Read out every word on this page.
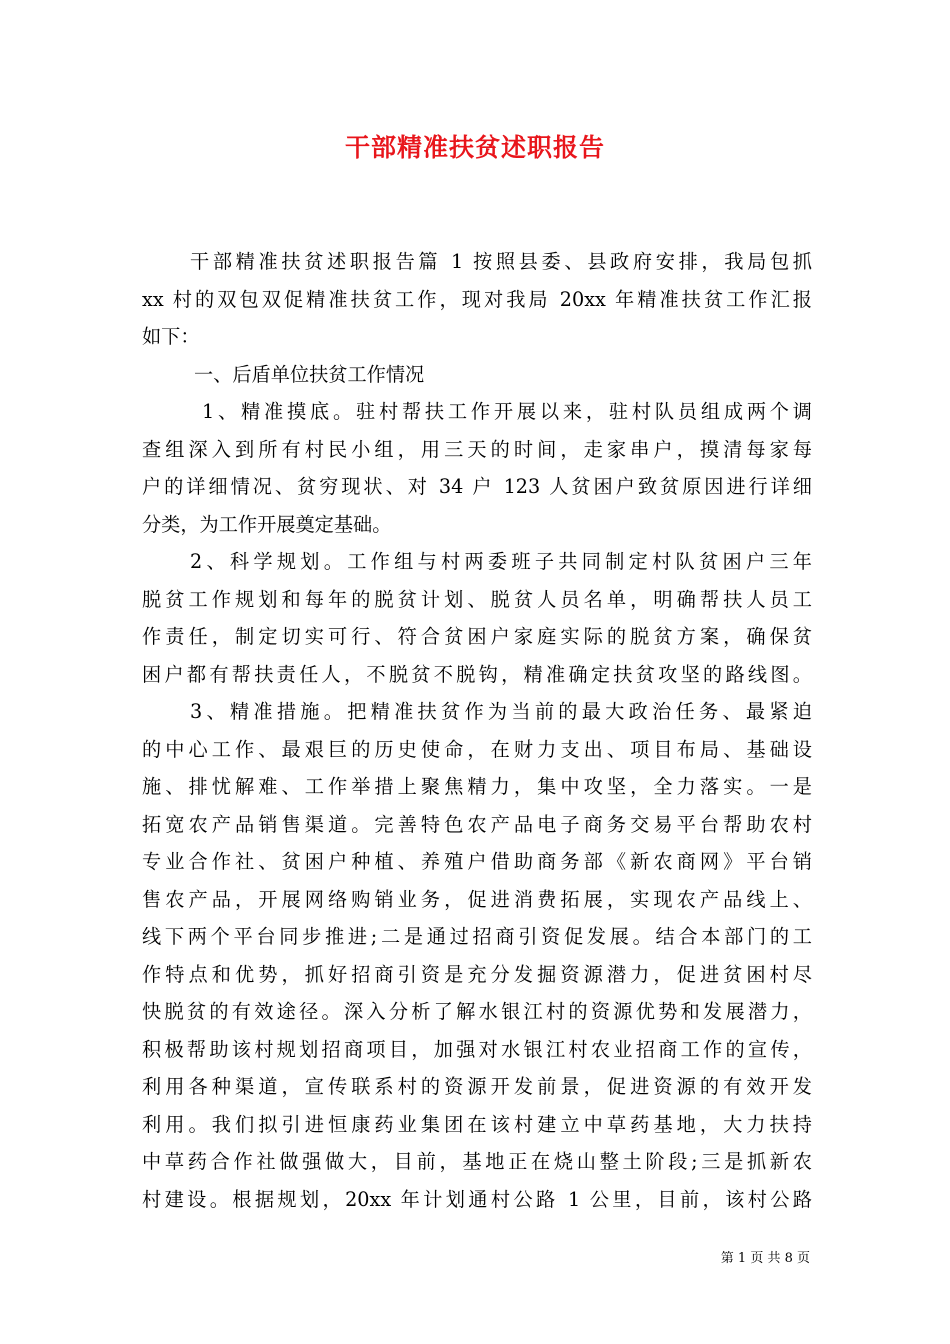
干部精准扶贫述职报告
干部精准扶贫述职报告篇 1 按照县委、县政府安排，我局包抓
xx 村的双包双促精准扶贫工作，现对我局 20xx 年精准扶贫工作汇报
如下：
一、后盾单位扶贫工作情况
1、精准摸底。驻村帮扶工作开展以来，驻村队员组成两个调
查组深入到所有村民小组，用三天的时间，走家串户，摸清每家每
户的详细情况、贫穷现状、对 34 户 123 人贫困户致贫原因进行详细
分类，为工作开展奠定基础。
2、科学规划。工作组与村两委班子共同制定村队贫困户三年
脱贫工作规划和每年的脱贫计划、脱贫人员名单，明确帮扶人员工
作责任，制定切实可行、符合贫困户家庭实际的脱贫方案，确保贫
困户都有帮扶责任人，不脱贫不脱钩，精准确定扶贫攻坚的路线图。
3、精准措施。把精准扶贫作为当前的最大政治任务、最紧迫
的中心工作、最艰巨的历史使命，在财力支出、项目布局、基础设
施、排忧解难、工作举措上聚焦精力，集中攻坚，全力落实。一是
拓宽农产品销售渠道。完善特色农产品电子商务交易平台帮助农村
专业合作社、贫困户种植、养殖户借助商务部《新农商网》平台销
售农产品，开展网络购销业务，促进消费拓展，实现农产品线上、
线下两个平台同步推进;二是通过招商引资促发展。结合本部门的工
作特点和优势，抓好招商引资是充分发掘资源潜力，促进贫困村尽
快脱贫的有效途径。深入分析了解水银江村的资源优势和发展潜力，
积极帮助该村规划招商项目，加强对水银江村农业招商工作的宣传，
利用各种渠道，宣传联系村的资源开发前景，促进资源的有效开发
利用。我们拟引进恒康药业集团在该村建立中草药基地，大力扶持
中草药合作社做强做大，目前，基地正在烧山整土阶段;三是抓新农
村建设。根据规划，20xx 年计划通村公路 1 公里，目前，该村公路
第 1 页 共 8 页
